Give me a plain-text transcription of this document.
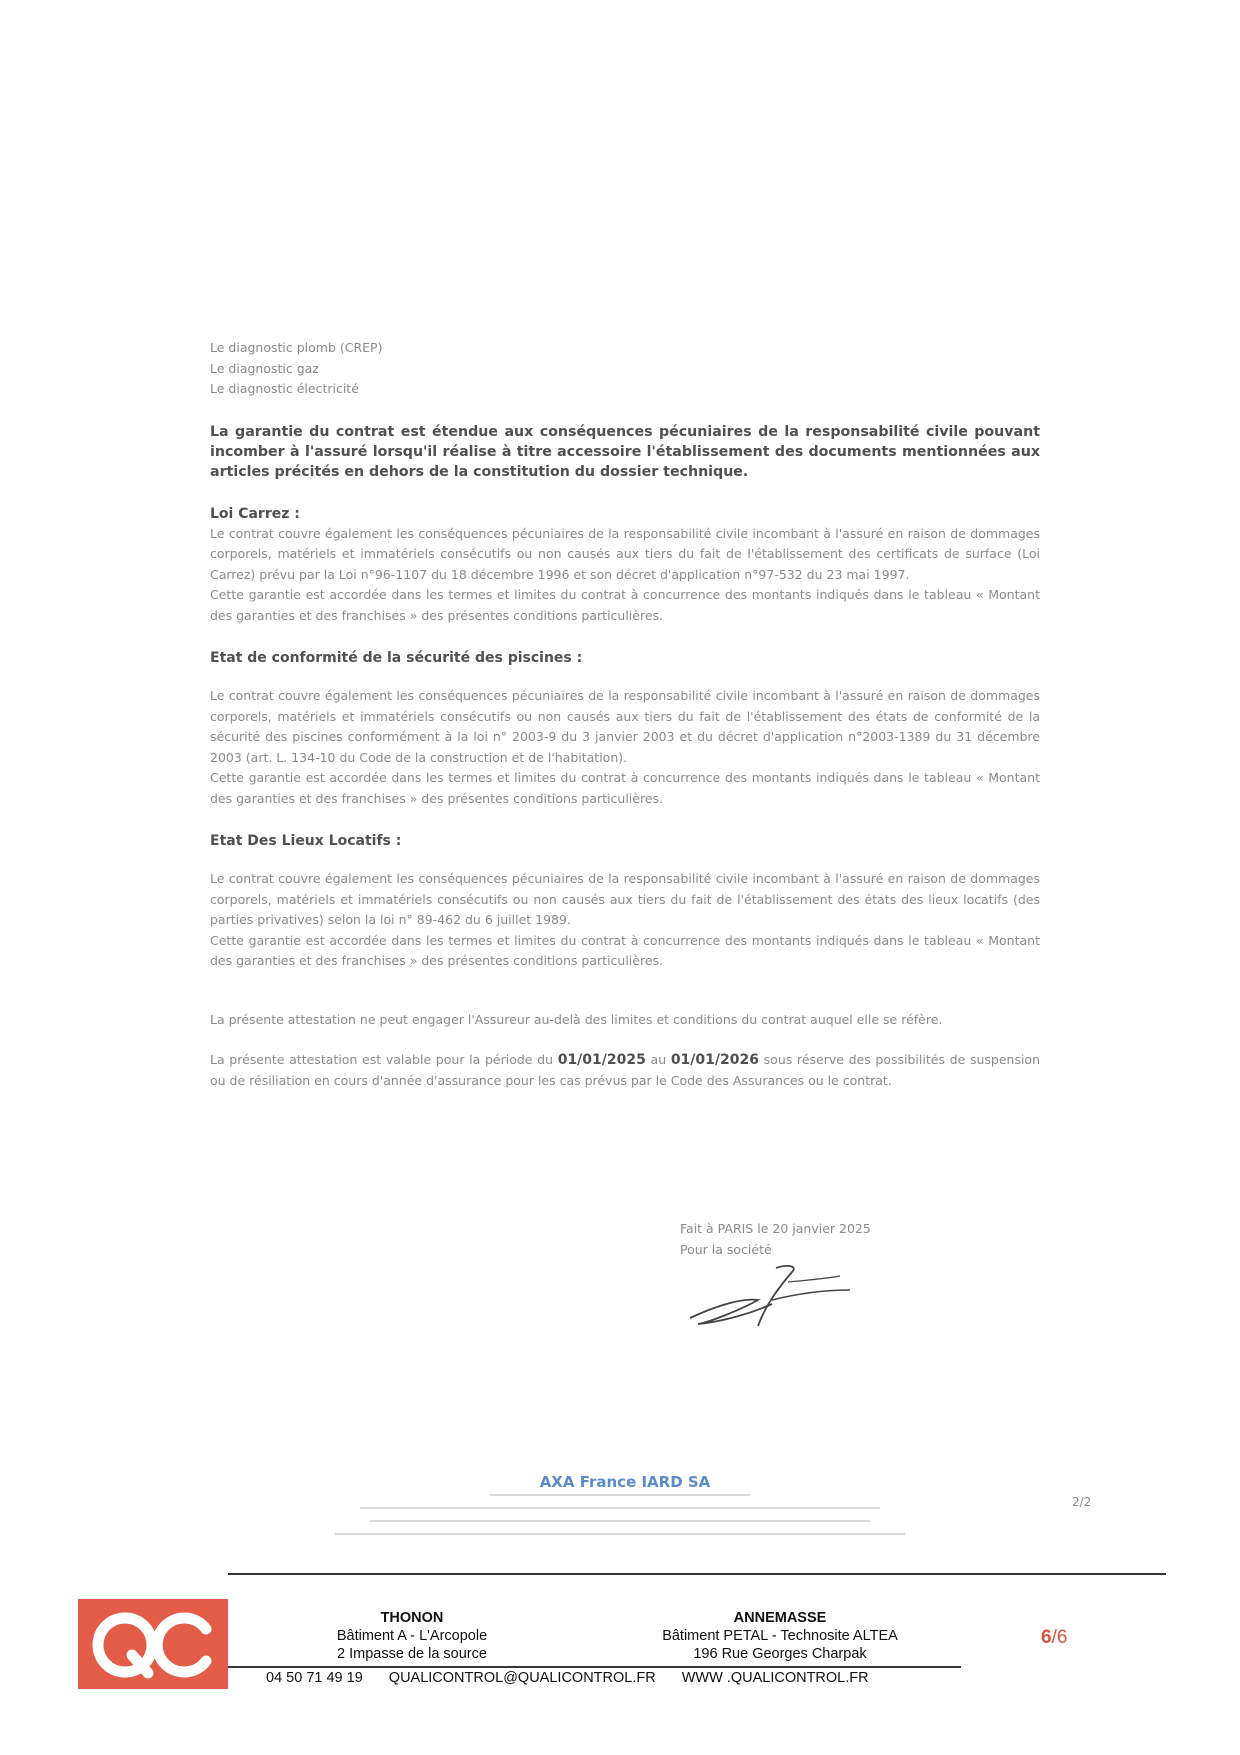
Le diagnostic plomb (CREP)

Le diagnostic gaz

Le diagnostic électricité

La garantie du contrat est étendue aux conséquences pécuniaires de la responsabilité civile pouvant incomber à l'assuré lorsqu'il réalise à titre accessoire l'établissement des documents mentionnées aux articles précités en dehors de la constitution du dossier technique.

Loi Carrez :

Le contrat couvre également les conséquences pécuniaires de la responsabilité civile incombant à l'assuré en raison de dommages corporels, matériels et immatériels consécutifs ou non causés aux tiers du fait de l'établissement des certificats de surface (Loi Carrez) prévu par la Loi n°96-1107 du 18 décembre 1996 et son décret d'application n°97-532 du 23 mai 1997.

Cette garantie est accordée dans les termes et limites du contrat à concurrence des montants indiqués dans le tableau « Montant des garanties et des franchises » des présentes conditions particulières.

Etat de conformité de la sécurité des piscines :

Le contrat couvre également les conséquences pécuniaires de la responsabilité civile incombant à l'assuré en raison de dommages corporels, matériels et immatériels consécutifs ou non causés aux tiers du fait de l'établissement des états de conformité de la sécurité des piscines conformément à la loi n° 2003-9 du 3 janvier 2003 et du décret d'application n°2003-1389 du 31 décembre 2003 (art. L. 134-10 du Code de la construction et de l'habitation).

Cette garantie est accordée dans les termes et limites du contrat à concurrence des montants indiqués dans le tableau « Montant des garanties et des franchises » des présentes conditions particulières.

Etat Des Lieux Locatifs :

Le contrat couvre également les conséquences pécuniaires de la responsabilité civile incombant à l'assuré en raison de dommages corporels, matériels et immatériels consécutifs ou non causés aux tiers du fait de l'établissement des états des lieux locatifs (des parties privatives) selon la loi n° 89-462 du 6 juillet 1989.

Cette garantie est accordée dans les termes et limites du contrat à concurrence des montants indiqués dans le tableau « Montant des garanties et des franchises » des présentes conditions particulières.

La présente attestation ne peut engager l'Assureur au-delà des limites et conditions du contrat auquel elle se réfère.

La présente attestation est valable pour la période du 01/01/2025 au 01/01/2026 sous réserve des possibilités de suspension ou de résiliation en cours d'année d'assurance pour les cas prévus par le Code des Assurances ou le contrat.

Fait à PARIS le 20 janvier 2025

Pour la société

AXA France IARD SA
2/2
THONON
Bâtiment A - L'Arcopole
2 Impasse de la source
ANNEMASSE
Bâtiment PETAL - Technosite ALTEA
196 Rue Georges Charpak
6/6
04 50 71 49 19 QUALICONTROL@QUALICONTROL.FR WWW .QUALICONTROL.FR
